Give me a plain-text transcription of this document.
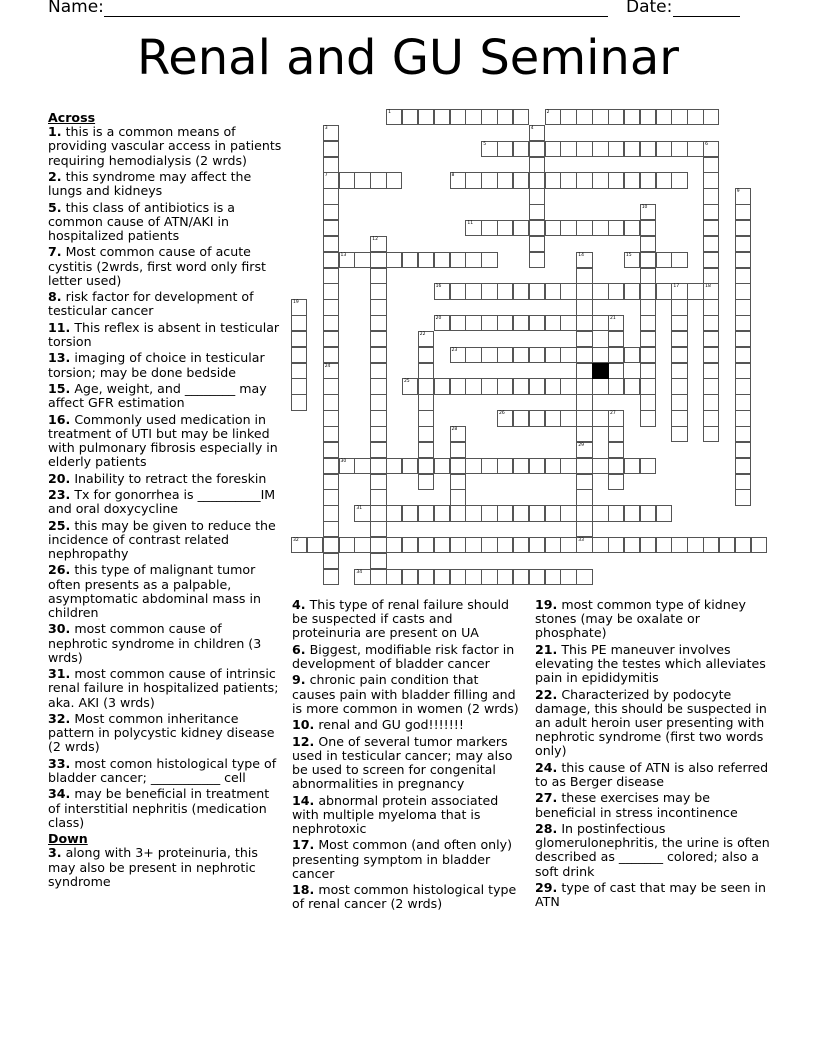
Name:	Date:
Renal and GU Seminar
1	2
5	6
7	8
11
13	15
16	17	18
20	21
23
25
26	27
30
31
32	33
34
3
24
4
9
10
12
14
29
19
22
28

Across

1. this is a common means of providing vascular access in patients requiring hemodialysis (2 wrds)

2. this syndrome may affect the lungs and kidneys

5. this class of antibiotics is a common cause of ATN/AKI in hospitalized patients

7. Most common cause of acute cystitis (2wrds, first word only first letter used)

8. risk factor for development of testicular cancer

11. This reflex is absent in testicular torsion

13. imaging of choice in testicular torsion; may be done bedside

15. Age, weight, and ________ may affect GFR estimation

16. Commonly used medication in treatment of UTI but may be linked with pulmonary fibrosis especially in elderly patients

20. Inability to retract the foreskin

23. Tx for gonorrhea is __________IM and oral doxycycline

25. this may be given to reduce the incidence of contrast related nephropathy

26. this type of malignant tumor often presents as a palpable, asymptomatic abdominal mass in children

30. most common cause of nephrotic syndrome in children (3 wrds)

31. most common cause of intrinsic renal failure in hospitalized patients; aka. AKI (3 wrds)

32. Most common inheritance pattern in polycystic kidney disease (2 wrds)

33. most comon histological type of bladder cancer; ___________ cell

34. may be beneficial in treatment of interstitial nephritis (medication class)

Down

3. along with 3+ proteinuria, this may also be present in nephrotic syndrome

4. This type of renal failure should be suspected if casts and proteinuria are present on UA

6. Biggest, modifiable risk factor in development of bladder cancer

9. chronic pain condition that causes pain with bladder filling and is more common in women (2 wrds)

10. renal and GU god!!!!!!!

12. One of several tumor markers used in testicular cancer; may also be used to screen for congenital abnormalities in pregnancy

14. abnormal protein associated with multiple myeloma that is nephrotoxic

17. Most common (and often only) presenting symptom in bladder cancer

18. most common histological type of renal cancer (2 wrds)

19. most common type of kidney stones (may be oxalate or phosphate)

21. This PE maneuver involves elevating the testes which alleviates pain in epididymitis

22. Characterized by podocyte damage, this should be suspected in an adult heroin user presenting with nephrotic syndrome (first two words only)

24. this cause of ATN is also referred to as Berger disease

27. these exercises may be beneficial in stress incontinence

28. In postinfectious glomerulonephritis, the urine is often described as _______ colored; also a soft drink

29. type of cast that may be seen in ATN
